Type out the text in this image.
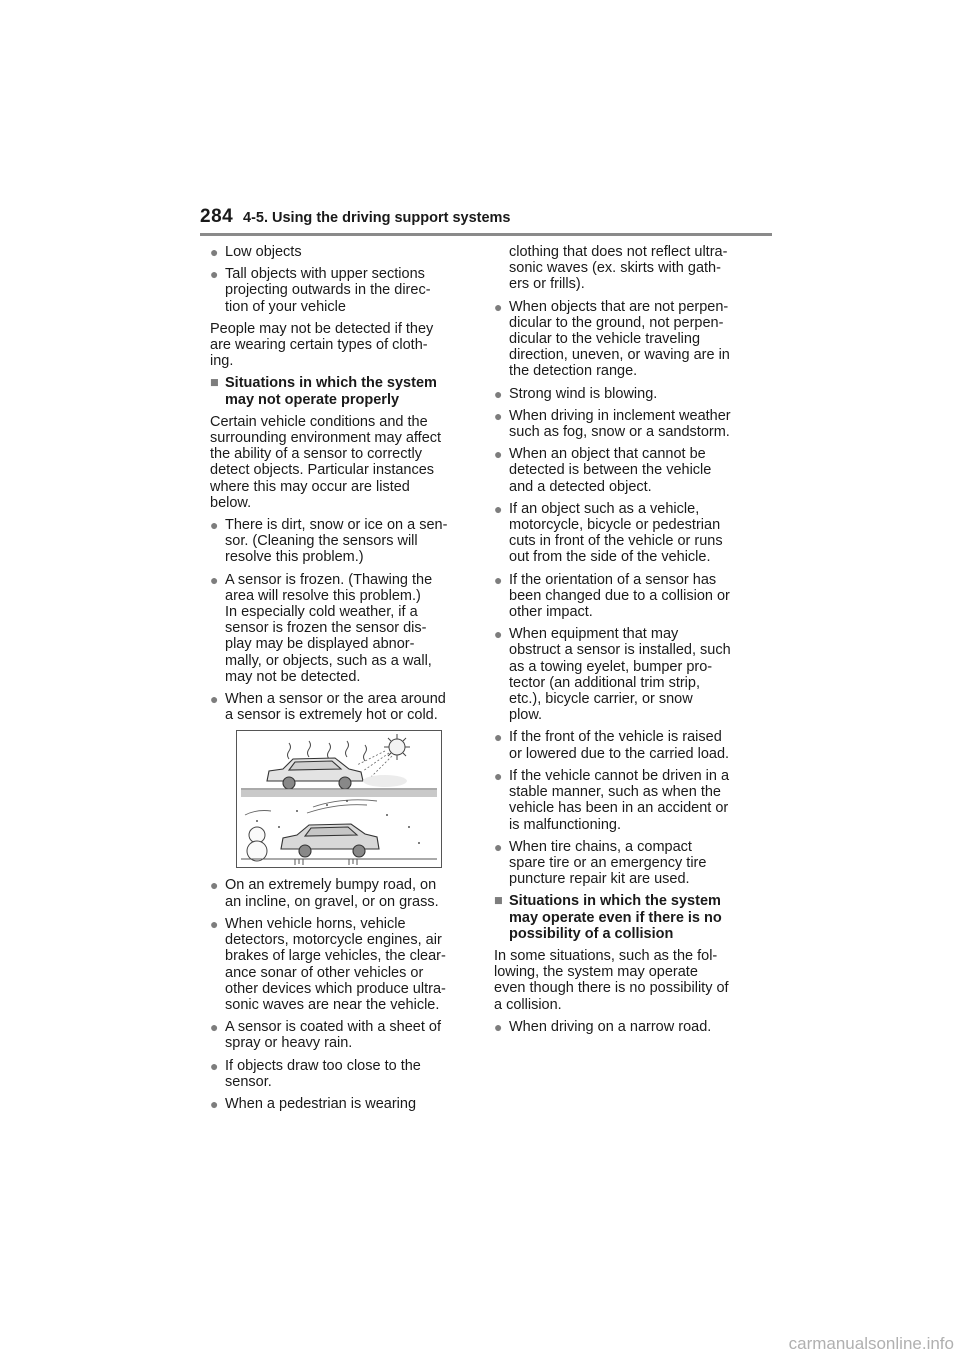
284 4-5. Using the driving support systems
● Low objects
● Tall objects with upper sections
projecting outwards in the direc-
tion of your vehicle

People may not be detected if they
are wearing certain types of cloth-
ing.

■ Situations in which the system
may not operate properly

Certain vehicle conditions and the
surrounding environment may affect
the ability of a sensor to correctly
detect objects. Particular instances
where this may occur are listed
below.

● There is dirt, snow or ice on a sen-
sor. (Cleaning the sensors will
resolve this problem.)
● A sensor is frozen. (Thawing the
area will resolve this problem.)
In especially cold weather, if a
sensor is frozen the sensor dis-
play may be displayed abnor-
mally, or objects, such as a wall,
may not be detected.
● When a sensor or the area around
a sensor is extremely hot or cold.
● On an extremely bumpy road, on
an incline, on gravel, or on grass.
● When vehicle horns, vehicle
detectors, motorcycle engines, air
brakes of large vehicles, the clear-
ance sonar of other vehicles or
other devices which produce ultra-
sonic waves are near the vehicle.
● A sensor is coated with a sheet of
spray or heavy rain.
● If objects draw too close to the
sensor.
● When a pedestrian is wearing

clothing that does not reflect ultra-
sonic waves (ex. skirts with gath-
ers or frills).

● When objects that are not perpen-
dicular to the ground, not perpen-
dicular to the vehicle traveling
direction, uneven, or waving are in
the detection range.
● Strong wind is blowing.
● When driving in inclement weather
such as fog, snow or a sandstorm.
● When an object that cannot be
detected is between the vehicle
and a detected object.
● If an object such as a vehicle,
motorcycle, bicycle or pedestrian
cuts in front of the vehicle or runs
out from the side of the vehicle.
● If the orientation of a sensor has
been changed due to a collision or
other impact.
● When equipment that may
obstruct a sensor is installed, such
as a towing eyelet, bumper pro-
tector (an additional trim strip,
etc.), bicycle carrier, or snow
plow.
● If the front of the vehicle is raised
or lowered due to the carried load.
● If the vehicle cannot be driven in a
stable manner, such as when the
vehicle has been in an accident or
is malfunctioning.
● When tire chains, a compact
spare tire or an emergency tire
puncture repair kit are used.
■ Situations in which the system
may operate even if there is no
possibility of a collision

In some situations, such as the fol-
lowing, the system may operate
even though there is no possibility of
a collision.

● When driving on a narrow road.
carmanualsonline.info
